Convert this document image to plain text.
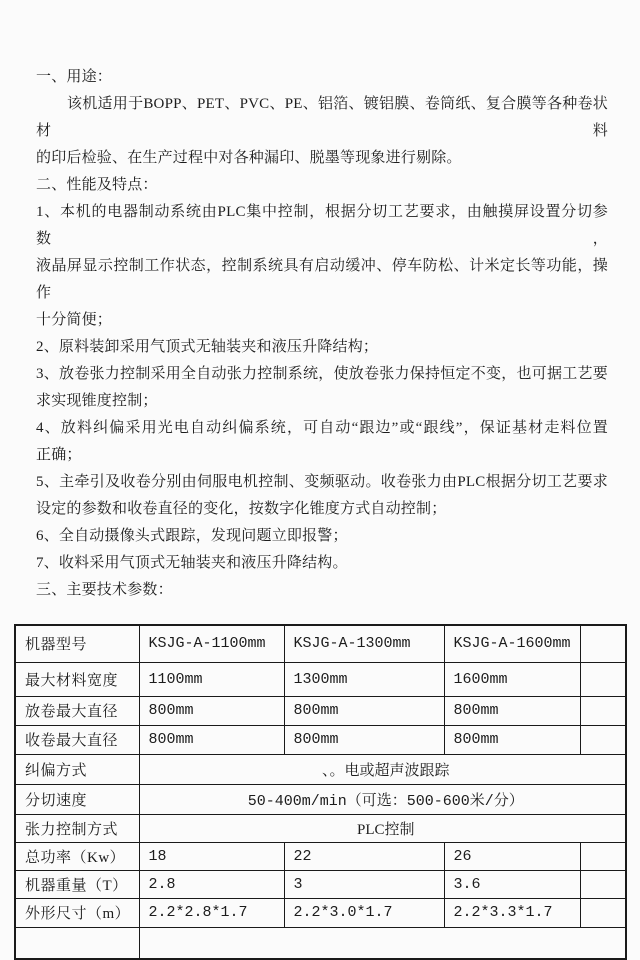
一、用途：
该机适用于BOPP、PET、PVC、PE、铝箔、镀铝膜、卷筒纸、复合膜等各种卷状材料
的印后检验、在生产过程中对各种漏印、脱墨等现象进行剔除。
二、性能及特点：
1、本机的电器制动系统由PLC集中控制，根据分切工艺要求，由触摸屏设置分切参数，
液晶屏显示控制工作状态，控制系统具有启动缓冲、停车防松、计米定长等功能，操作
十分简便；
2、原料装卸采用气顶式无轴装夹和液压升降结构；
3、放卷张力控制采用全自动张力控制系统，使放卷张力保持恒定不变，也可据工艺要
求实现锥度控制；
4、放料纠偏采用光电自动纠偏系统，可自动“跟边”或“跟线”，保证基材走料位置
正确；
5、主牵引及收卷分别由伺服电机控制、变频驱动。收卷张力由PLC根据分切工艺要求
设定的参数和收卷直径的变化，按数字化锥度方式自动控制；
6、全自动摄像头式跟踪，发现问题立即报警；
7、收料采用气顶式无轴装夹和液压升降结构。
三、主要技术参数：
机器型号	KSJG-A-1100mm	KSJG-A-1300mm	KSJG-A-1600mm	
最大材料宽度	1100mm	1300mm	1600mm	
放卷最大直径	800mm	800mm	800mm	
收卷最大直径	800mm	800mm	800mm	
纠偏方式	、。电或超声波跟踪			
分切速度	50-400m/min（可选：500-600米/分）			
张力控制方式	PLC控制			
总功率（Kw）	18	22	26	
机器重量（T）	2.8	3	3.6	
外形尺寸（m）	2.2*2.8*1.7	2.2*3.0*1.7	2.2*3.3*1.7	
